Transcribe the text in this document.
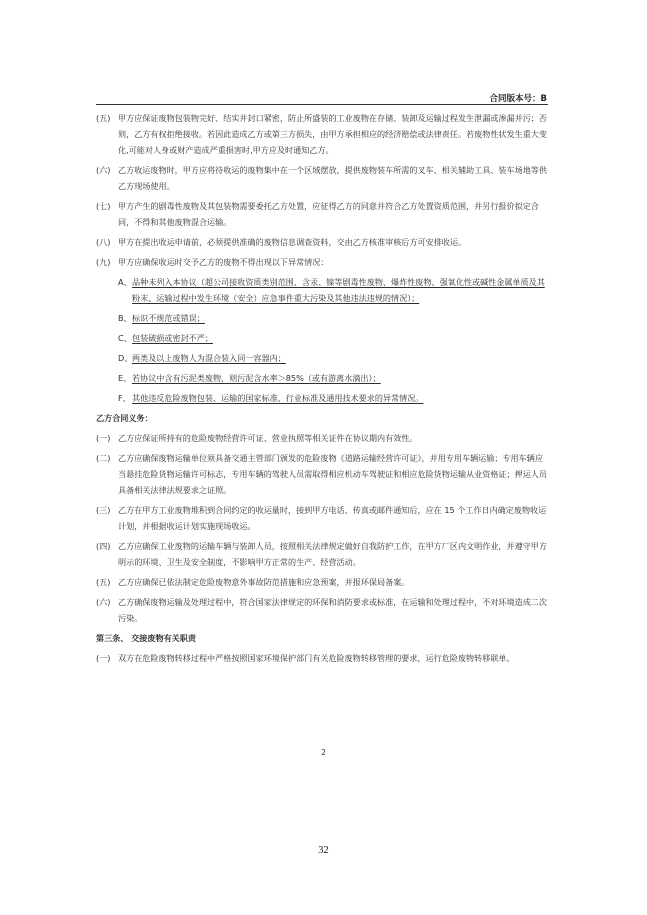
合同版本号：B
(五) 甲方应保证废物包装物完好、结实并封口紧密，防止所盛装的工业废物在存储、装卸及运输过程发生泄漏或渗漏并污；否则，乙方有权拒绝接收。若因此造成乙方或第三方损失，由甲方承担相应的经济赔偿或法律责任。若废物性状发生重大变化,可能对人身或财产造成严重损害时,甲方应及时通知乙方。
(六) 乙方收运废物时，甲方应将待收运的废物集中在一个区域摆放，提供废物装车所需的叉车、相关辅助工具、装车场地等供乙方现场使用。
(七) 甲方产生的剧毒性废物及其包装物需要委托乙方处置，应征得乙方的同意并符合乙方处置资质范围，并另行报价拟定合同，不得和其他废物混合运输。
(八) 甲方在提出收运申请前，必须提供准确的废物信息调查资料，交由乙方核准审核后方可安排收运。
(九) 甲方应确保收运时交予乙方的废物不得出现以下异常情况：
A、 品种未列入本协议（超公司接收资质类别范围、含汞、镍等剧毒性废物、爆炸性废物、强氧化性或碱性金属单质及其粉末、运输过程中发生环境（安全）应急事件重大污染及其他违法违规的情况）；
B、 标识不规范或错误；
C、 包装破损或密封不严；
D、 两类及以上废物人为混合装入同一容器内；
E、 若协议中含有污泥类废物，则污泥含水率＞85%（或有游离水滴出）；
F、 其他违反危险废物包装、运输的国家标准、行业标准及通用技术要求的异常情况。
乙方合同义务：
(一) 乙方应保证所持有的危险废物经营许可证、营业执照等相关证件在协议期内有效性。
(二) 乙方应确保废物运输单位须具备交通主管部门颁发的危险废物《道路运输经营许可证》，并用专用车辆运输；专用车辆应当悬挂危险货物运输许可标志，专用车辆的驾驶人员需取得相应机动车驾驶证和相应危险货物运输从业资格证；押运人员具备相关法律法规要求之证照。
(三) 乙方在甲方工业废物堆积到合同约定的收运量时，接到甲方电话、传真或邮件通知后，应在 15 个工作日内确定废物收运计划，并根据收运计划实施现场收运。
(四) 乙方应确保工业废物的运输车辆与装卸人员，按照相关法律规定做好自我防护工作，在甲方厂区内文明作业，并遵守甲方明示的环境、卫生及安全制度，不影响甲方正常的生产、经营活动。
(五) 乙方应确保已依法制定危险废物意外事故防范措施和应急预案，并报环保局备案。
(六) 乙方确保废物运输及处理过程中，符合国家法律规定的环保和消防要求或标准，在运输和处理过程中，不对环境造成二次污染。
第三条、 交接废物有关职责
(一) 双方在危险废物转移过程中严格按照国家环境保护部门有关危险废物转移管理的要求，运行危险废物转移联单。
2
32
